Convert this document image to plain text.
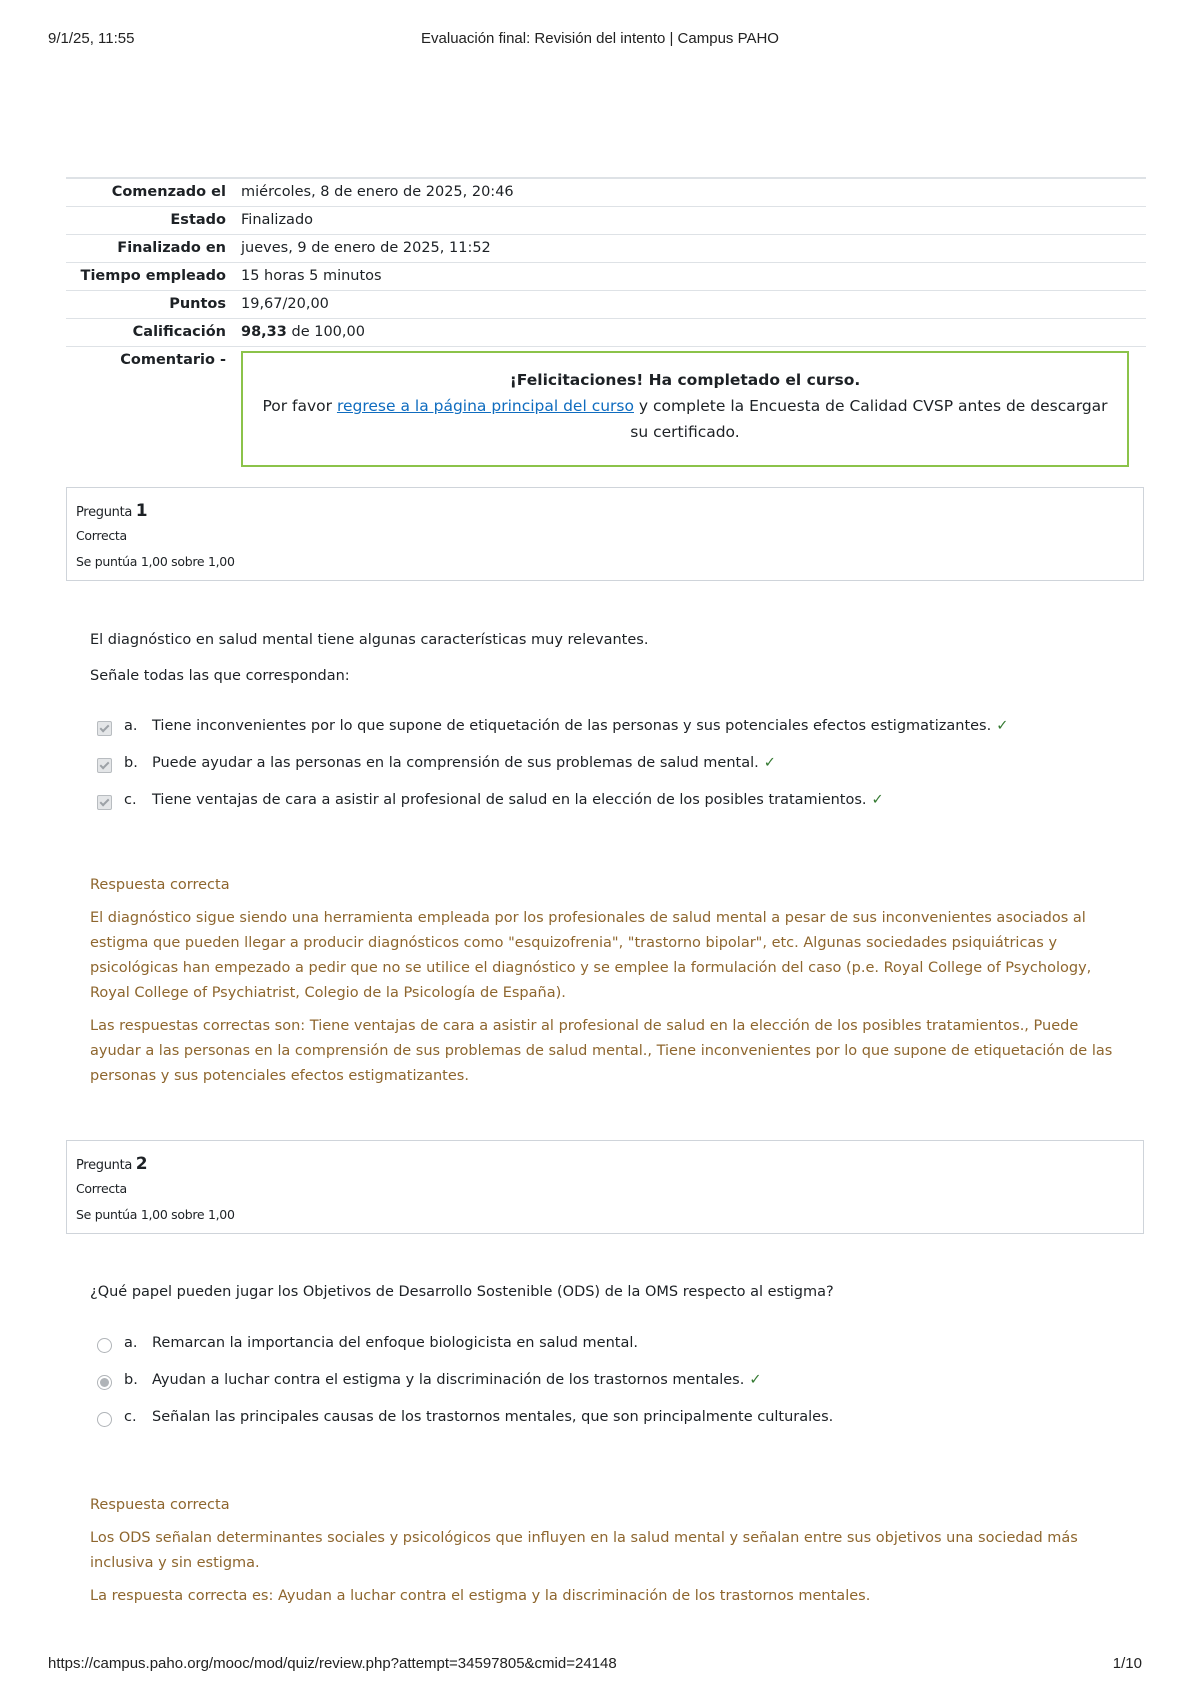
9/1/25, 11:55	Evaluación final: Revisión del intento | Campus PAHO
Comenzado el	miércoles, 8 de enero de 2025, 20:46
Estado	Finalizado
Finalizado en	jueves, 9 de enero de 2025, 11:52
Tiempo empleado	15 horas 5 minutos
Puntos	19,67/20,00
Calificación	98,33 de 100,00
Comentario -	¡Felicitaciones! Ha completado el curso.
Por favor regrese a la página principal del curso y complete la Encuesta de Calidad CVSP antes de descargar su certificado.
Pregunta 1
Correcta
Se puntúa 1,00 sobre 1,00

El diagnóstico en salud mental tiene algunas características muy relevantes.

Señale todas las que correspondan:

a.	Tiene inconvenientes por lo que supone de etiquetación de las personas y sus potenciales efectos estigmatizantes. ✓
b. Puede ayudar a las personas en la comprensión de sus problemas de salud mental. ✓
c.	Tiene ventajas de cara a asistir al profesional de salud en la elección de los posibles tratamientos. ✓
Respuesta correcta

El diagnóstico sigue siendo una herramienta empleada por los profesionales de salud mental a pesar de sus inconvenientes asociados al estigma que pueden llegar a producir diagnósticos como "esquizofrenia", "trastorno bipolar", etc. Algunas sociedades psiquiátricas y psicológicas han empezado a pedir que no se utilice el diagnóstico y se emplee la formulación del caso (p.e. Royal College of Psychology, Royal College of Psychiatrist, Colegio de la Psicología de España).

Las respuestas correctas son: Tiene ventajas de cara a asistir al profesional de salud en la elección de los posibles tratamientos., Puede ayudar a las personas en la comprensión de sus problemas de salud mental., Tiene inconvenientes por lo que supone de etiquetación de las personas y sus potenciales efectos estigmatizantes.

Pregunta 2
Correcta
Se puntúa 1,00 sobre 1,00

¿Qué papel pueden jugar los Objetivos de Desarrollo Sostenible (ODS) de la OMS respecto al estigma?

a.	Remarcan la importancia del enfoque biologicista en salud mental.
b. Ayudan a luchar contra el estigma y la discriminación de los trastornos mentales. ✓
c.	Señalan las principales causas de los trastornos mentales, que son principalmente culturales.
Respuesta correcta

Los ODS señalan determinantes sociales y psicológicos que influyen en la salud mental y señalan entre sus objetivos una sociedad más inclusiva y sin estigma.

La respuesta correcta es: Ayudan a luchar contra el estigma y la discriminación de los trastornos mentales.

https://campus.paho.org/mooc/mod/quiz/review.php?attempt=34597805&cmid=24148	1/10
